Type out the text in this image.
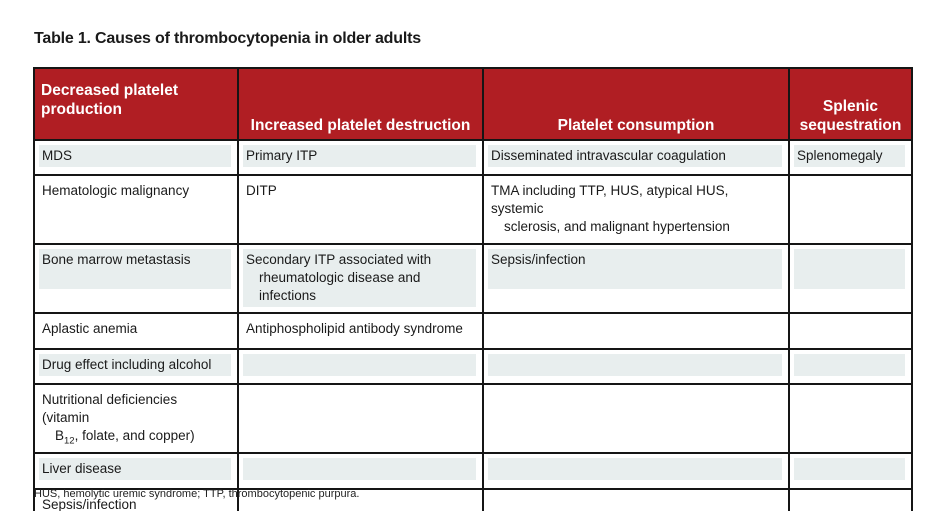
Table 1. Causes of thrombocytopenia in older adults
Decreased platelet production	Increased platelet destruction	Platelet consumption	Splenic sequestration

MDS	Primary ITP	Disseminated intravascular coagulation	Splenomegaly

Hematologic malignancy	DITP	TMA including TTP, HUS, atypical HUS, systemic
sclerosis, and malignant hypertension	

Bone marrow metastasis	Secondary ITP associated with
rheumatologic disease and infections	Sepsis/infection	

Aplastic anemia	Antiphospholipid antibody syndrome		

Drug effect including alcohol			

Nutritional deficiencies (vitamin
$B_{12}$, folate, and copper)			

Liver disease			

Sepsis/infection			

HUS, hemolytic uremic syndrome; TTP, thrombocytopenic purpura.
